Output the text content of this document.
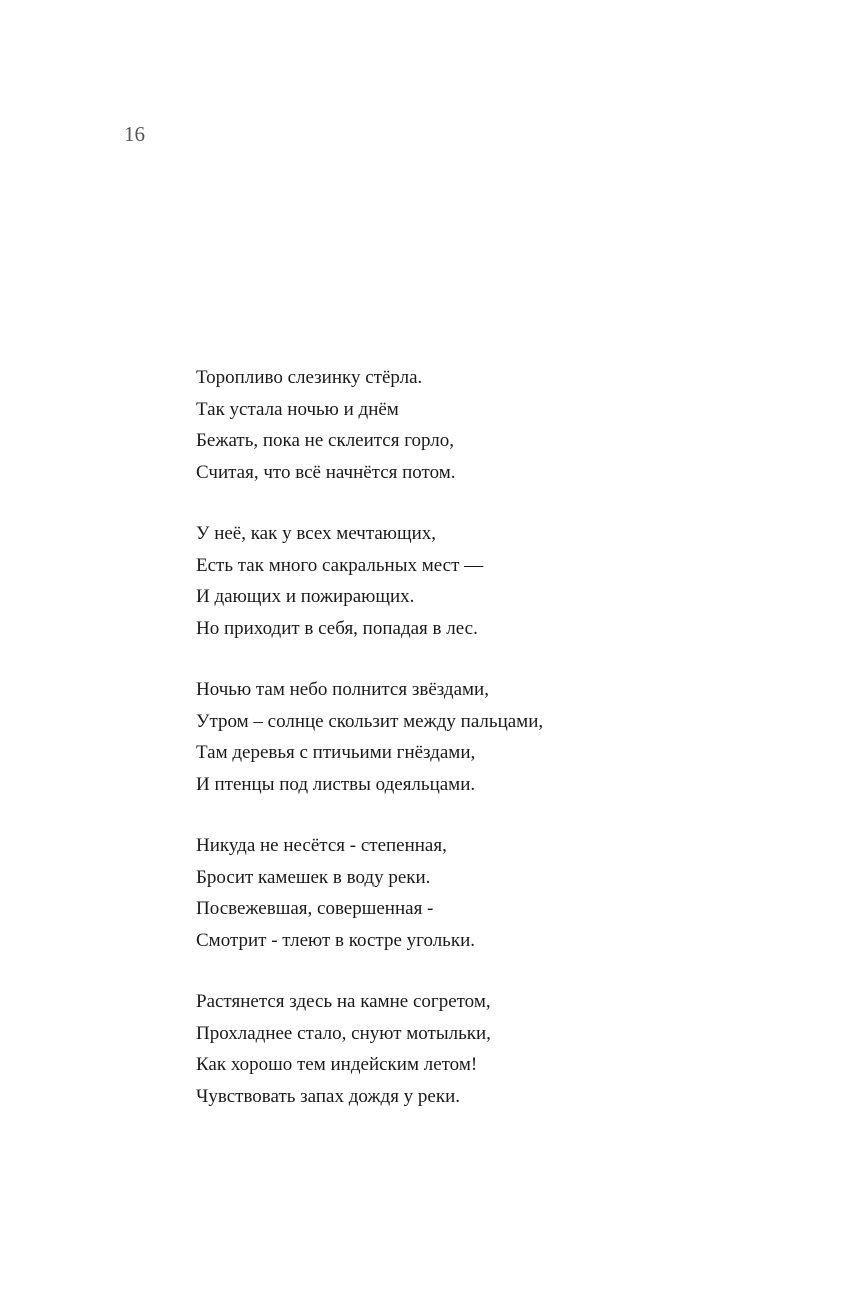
16
Торопливо слезинку стёрла.
Так устала ночью и днём
Бежать, пока не склеится горло,
Считая, что всё начнётся потом.
У неё, как у всех мечтающих,
Есть так много сакральных мест —
И дающих и пожирающих.
Но приходит в себя, попадая в лес.
Ночью там небо полнится звёздами,
Утром – солнце скользит между пальцами,
Там деревья с птичьими гнёздами,
И птенцы под листвы одеяльцами.
Никуда не несётся - степенная,
Бросит камешек в воду реки.
Посвежевшая, совершенная -
Смотрит - тлеют в костре угольки.
Растянется здесь на камне согретом,
Прохладнее стало, снуют мотыльки,
Как хорошо тем индейским летом!
Чувствовать запах дождя у реки.
